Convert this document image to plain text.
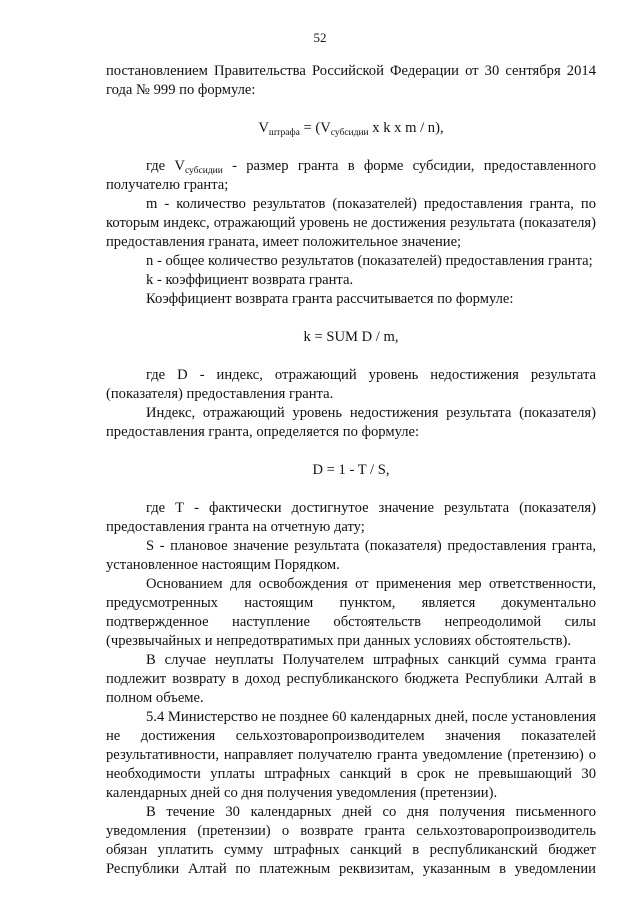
52

постановлением Правительства Российской Федерации от 30 сентября 2014 года № 999 по формуле:

$V_{штрафа} = (V_{субсидии}$ x k x m / n),

где $V_{субсидии}$ - размер гранта в форме субсидии, предоставленного получателю гранта;

m - количество результатов (показателей) предоставления гранта, по которым индекс, отражающий уровень не достижения результата (показателя) предоставления граната, имеет положительное значение;

n - общее количество результатов (показателей) предоставления гранта;

k - коэффициент возврата гранта.

Коэффициент возврата гранта рассчитывается по формуле:

k = SUM D / m,

где D - индекс, отражающий уровень недостижения результата (показателя) предоставления гранта.

Индекс, отражающий уровень недостижения результата (показателя) предоставления гранта, определяется по формуле:

D = 1 - T / S,

где Т - фактически достигнутое значение результата (показателя) предоставления гранта на отчетную дату;

S - плановое значение результата (показателя) предоставления гранта, установленное настоящим Порядком.

Основанием для освобождения от применения мер ответственности, предусмотренных настоящим пунктом, является документально подтвержденное наступление обстоятельств непреодолимой силы (чрезвычайных и непредотвратимых при данных условиях обстоятельств).

В случае неуплаты Получателем штрафных санкций сумма гранта подлежит возврату в доход республиканского бюджета Республики Алтай в полном объеме.

5.4 Министерство не позднее 60 календарных дней, после установления не достижения сельхозтоваропроизводителем значения показателей результативности, направляет получателю гранта уведомление (претензию) о необходимости уплаты штрафных санкций в срок не превышающий 30 календарных дней со дня получения уведомления (претензии).

В течение 30 календарных дней со дня получения письменного уведомления (претензии) о возврате гранта сельхозтоваропроизводитель обязан уплатить сумму штрафных санкций в республиканский бюджет Республики Алтай по платежным реквизитам, указанным в уведомлении
